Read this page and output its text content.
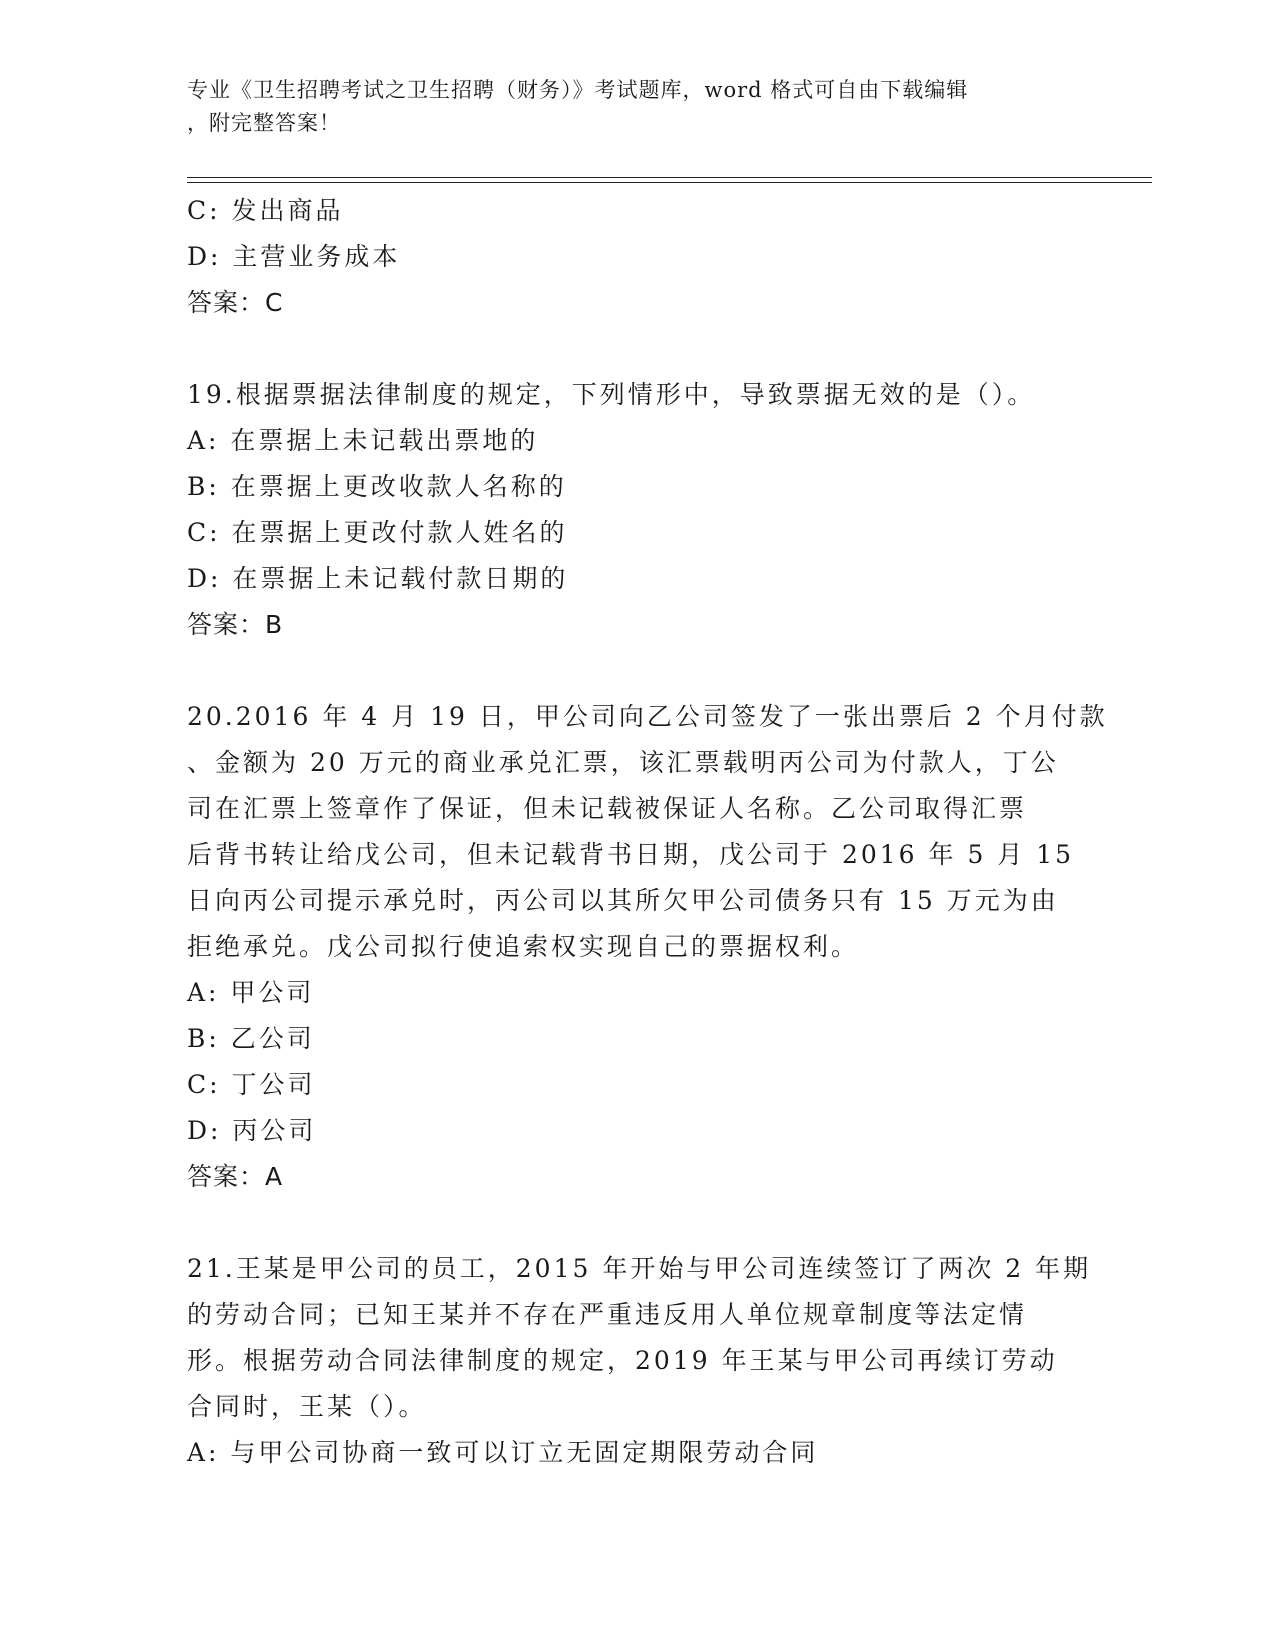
专业《卫生招聘考试之卫生招聘（财务）》考试题库，word 格式可自由下载编辑
，附完整答案！
C: 发出商品
D: 主营业务成本
答案：C
19.根据票据法律制度的规定，下列情形中，导致票据无效的是（）。
A: 在票据上未记载出票地的
B: 在票据上更改收款人名称的
C: 在票据上更改付款人姓名的
D: 在票据上未记载付款日期的
答案：B
20.2016 年 4 月 19 日，甲公司向乙公司签发了一张出票后 2 个月付款
、金额为 20 万元的商业承兑汇票，该汇票载明丙公司为付款人，丁公
司在汇票上签章作了保证，但未记载被保证人名称。乙公司取得汇票
后背书转让给戊公司，但未记载背书日期，戊公司于 2016 年 5 月 15
日向丙公司提示承兑时，丙公司以其所欠甲公司债务只有 15 万元为由
拒绝承兑。戊公司拟行使追索权实现自己的票据权利。
A: 甲公司
B: 乙公司
C: 丁公司
D: 丙公司
答案：A
21.王某是甲公司的员工，2015 年开始与甲公司连续签订了两次 2 年期
的劳动合同；已知王某并不存在严重违反用人单位规章制度等法定情
形。根据劳动合同法律制度的规定，2019 年王某与甲公司再续订劳动
合同时，王某（）。
A: 与甲公司协商一致可以订立无固定期限劳动合同
